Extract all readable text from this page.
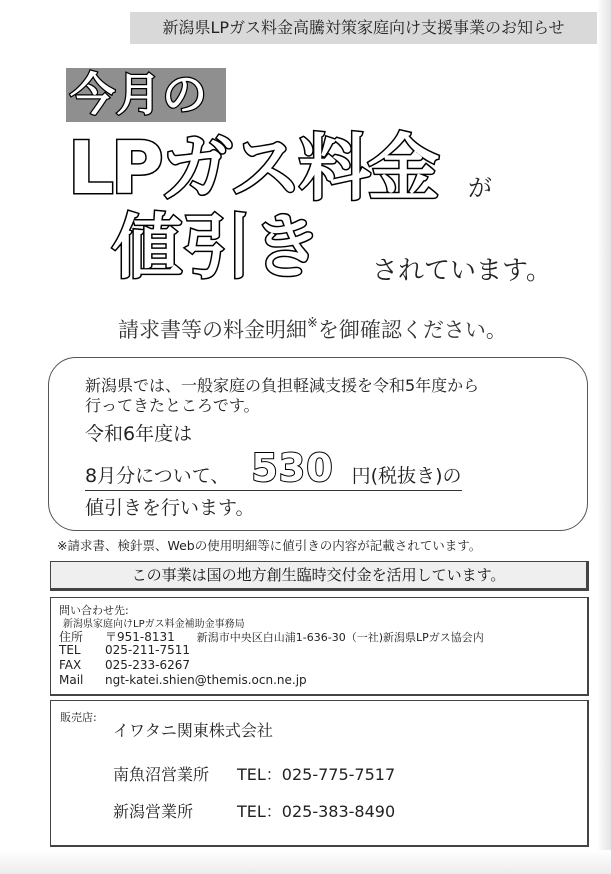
新潟県LPガス料金高騰対策家庭向け支援事業のお知らせ
今月の
LPガス料金 が
値引き されています。
請求書等の料金明細※を御確認ください。
新潟県では、一般家庭の負担軽減支援を令和5年度から
行ってきたところです。
令和6年度は
8月分について、 530 円(税抜き)の
値引きを行います。
※請求書、検針票、Webの使用明細等に値引きの内容が記載されています。
この事業は国の地方創生臨時交付金を活用しています。
問い合わせ先:
新潟県家庭向けLPガス料金補助金事務局
住所 〒951-8131 新潟市中央区白山浦1-636-30（一社)新潟県LPガス協会内
TEL 025-211-7511
FAX 025-233-6267
Mail ngt-katei.shien@themis.ocn.ne.jp
販売店:
イワタニ関東株式会社
南魚沼営業所 TEL：025-775-7517
新潟営業所	TEL：025-383-8490
